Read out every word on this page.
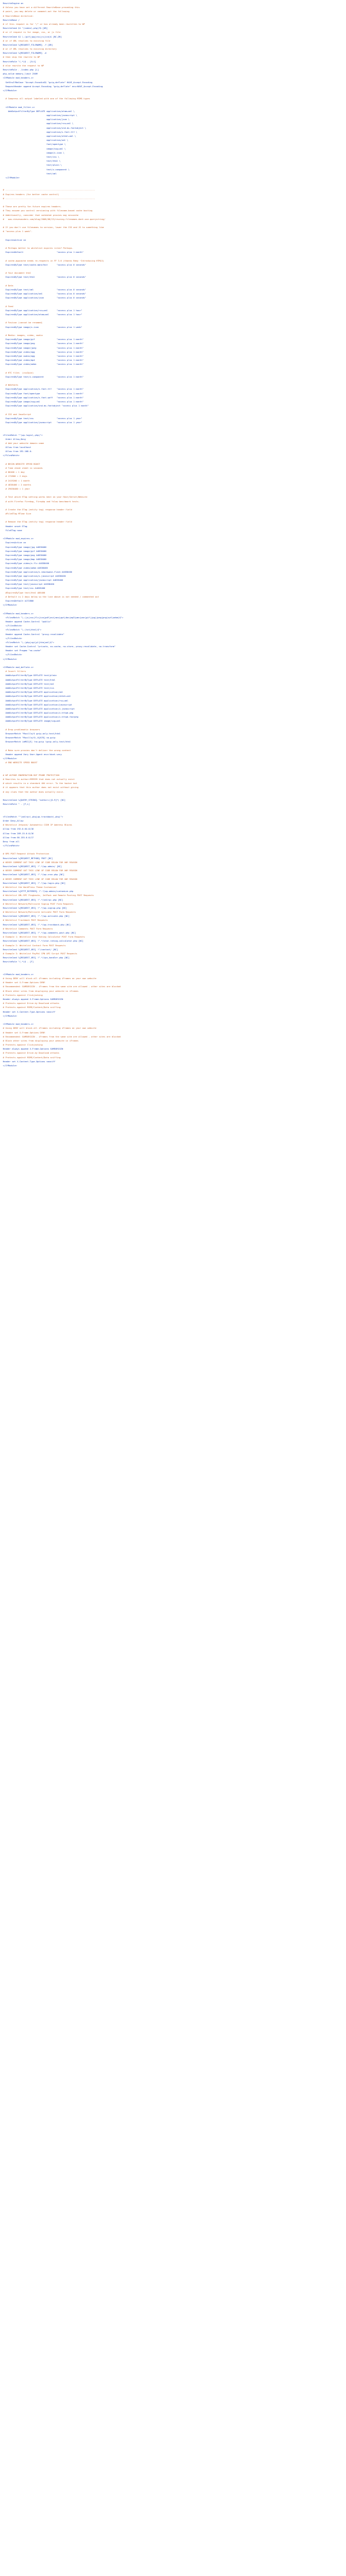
RewriteEngine on
# Unless you have set a different RewriteBase preceding this
# point, you may delete or comment-out the following
# RewriteBase directive:
RewriteBase /
# if this request is for "/" or has already been rewritten to WP
RewriteCond $1 ^(index\.php)?$ [OR]
# or if request is for image, css, or js file
RewriteCond $1 \.(gif|jpg|css|js|ico)$ [NC,OR]
# or if URL resolves to existing file
RewriteCond %{REQUEST_FILENAME} -f [OR]
# or if URL resolves to existing directory
RewriteCond %{REQUEST_FILENAME} -d
# then skip the rewrite to WP
RewriteRule ^(.*)$ - [S=1]
# else rewrite the request to WP
RewriteRule . /index.php [L]
php_value memory_limit 256M
<IfModule mod_headers.c>
SetEnvIfNoCase ^Accept-EncodinG$ "gzip,deflate" HAVE_Accept-Encoding
RequestHeader append Accept-Encoding "gzip,deflate" env=HAVE_Accept-Encoding
</IfModule>
# Compress all output labeled with one of the following MIME-types
<IfModule mod_filter.c>
AddOutputFilterByType DEFLATE application/atom+xml \
application/javascript \
application/json \
application/rss+xml \
application/vnd.ms-fontobject \
application/x-font-ttf \
application/xhtml+xml \
application/xml \
font/opentype \
image/svg+xml \
image/x-icon \
text/css \
text/html \
text/plain \
text/x-component \
text/xml
</IfModule>
# ----------------------------------------------------------------------
# Expires headers (for better cache control)
# ----------------------------------------------------------------------
# These are pretty far-future expires headers.
# They assume you control versioning with filename-based cache busting
# Additionally, consider that outdated proxies may miscache
#   www.stevesouders.com/blog/2008/08/23/revving-filenames-dont-use-querystring/
# If you don't use filenames to version, lower the CSS and JS to something like
# "access plus 1 week".
ExpiresActive on
# Perhaps better to whitelist expires rules? Perhaps.
ExpiresDefault                          "access plus 1 month"
# cache.appcache needs re-requests in FF 3.6 (thanks Remy ~Introducing HTML5)
ExpiresByType text/cache-manifest       "access plus 0 seconds"
# Your document html
ExpiresByType text/html                 "access plus 0 seconds"
# Data
ExpiresByType text/xml                  "access plus 0 seconds"
ExpiresByType application/xml           "access plus 0 seconds"
ExpiresByType application/json          "access plus 0 seconds"
# Feed
ExpiresByType application/rss+xml       "access plus 1 hour"
ExpiresByType application/atom+xml      "access plus 1 hour"
# Favicon (cannot be renamed)
ExpiresByType image/x-icon              "access plus 1 week"
# Media: images, video, audio
ExpiresByType image/gif                 "access plus 1 month"
ExpiresByType image/png                 "access plus 1 month"
ExpiresByType image/jpeg                "access plus 1 month"
ExpiresByType video/ogg                 "access plus 1 month"
ExpiresByType audio/ogg                 "access plus 1 month"
ExpiresByType video/mp4                 "access plus 1 month"
ExpiresByType video/webm                "access plus 1 month"
# HTC files  (css3pie)
ExpiresByType text/x-component          "access plus 1 month"
# Webfonts
ExpiresByType application/x-font-ttf    "access plus 1 month"
ExpiresByType font/opentype             "access plus 1 month"
ExpiresByType application/x-font-woff   "access plus 1 month"
ExpiresByType image/svg+xml             "access plus 1 month"
ExpiresByType application/vnd.ms-fontobject "access plus 1 month"
# CSS and JavaScript
ExpiresByType text/css                  "access plus 1 year"
ExpiresByType application/javascript    "access plus 1 year"
<FilesMatch "^(wp-login\.php)">
Order Allow,Deny
# Add your website domain name
Allow from localhost
Allow from 192.168.0.
</FilesMatch>
# BEGIN WEBSITE SPEED BOOST
# Time cheat sheet in seconds
# 86400 = 1 day
# 172800 = 2 days
# 2419200 = 1 month
# 4838400 = 2 months
# 29030400 = 1 year
# Test which ETag setting works best on your Host/Server/Website
# with Firefox Firebug, Firephp and Yslow benchmark tests.
# Create the ETag (entity tag) response header field
#FileETag MTime Size
# Remove the ETag (entity tag) response header field
Header unset ETag
FileETag none
<IfModule mod_expires.c>
ExpiresActive on
ExpiresByType image/jpg A4838400
ExpiresByType image/gif A4838400
ExpiresByType image/png A4838400
ExpiresByType image/bmp A4838400
ExpiresByType video/x-flv A4838400
ExpiresByType video/webm A4838400
ExpiresByType application/x-shockwave-flash A4838400
ExpiresByType application/x-javascript A4838400
ExpiresByType application/javascript A4838400
ExpiresByType text/javascript A4838400
ExpiresByType text/css A4838400
#ExpiresByType text/html A86400
# Default is 2 days below so the line above is not needed / commented out
ExpiresDefault A172800
</IfModule>
<IfModule mod_headers.c>
<FilesMatch "\.(js|css|flv|ico|pdf|avi|mov|ppt|doc|mp3|wmv|wav|gif|jpg|jpeg|png|swf|webm)$">
Header append Cache-Control "public"
</FilesMatch>
<FilesMatch "\.(txt|html)$">
Header append Cache-Control "proxy-revalidate"
</FilesMatch>
<FilesMatch "\.(php|cgi|pl|htm|xml)$">
Header set Cache-Control "private, no-cache, no-store, proxy-revalidate, no-transform"
Header set Pragma "no-cache"
</FilesMatch>
</IfModule>
<IfModule mod_deflate.c>
# Insert filters
AddOutputFilterByType DEFLATE text/plain
AddOutputFilterByType DEFLATE text/html
AddOutputFilterByType DEFLATE text/xml
AddOutputFilterByType DEFLATE text/css
AddOutputFilterByType DEFLATE application/xml
AddOutputFilterByType DEFLATE application/xhtml+xml
AddOutputFilterByType DEFLATE application/rss+xml
AddOutputFilterByType DEFLATE application/javascript
AddOutputFilterByType DEFLATE application/x-javascript
AddOutputFilterByType DEFLATE application/x-httpd-php
AddOutputFilterByType DEFLATE application/x-httpd-fastphp
AddOutputFilterByType DEFLATE image/svg+xml
# Drop problematic browsers
BrowserMatch ^Mozilla/4 gzip-only-text/html
BrowserMatch ^Mozilla/4\.0[678] no-gzip
BrowserMatch \bMSI[E] !no-gzip !gzip-only-text/html
# Make sure proxies don't deliver the wrong content
Header append Vary User-Agent env=!dont-vary
</IfModule>
# END WEBSITE SPEED BOOST
# WP AUTHOR ENUMERATION BOT PROBE PROTECTION
# Rewrites to author=999999 that does not actually exist
# which results in a standard 404 error. To the hacker bot
# it appears that this author does not exist without giving
# any clues that the author does actually exist.
RewriteCond %{QUERY_STRING} ^author=([0-9]*) [NC]
RewriteRule ^ - [F,L]
<FilesMatch "^(xmlrpc\.php|wp-trackback\.php)">
Order Deny,Allow
# Whitelist Jetpack/ Automattic CIDR IP Address Blocks
Allow from 192.0.64.0/18
Allow from 209.15.0.0/16
Allow from 66.155.0.0/17
Deny from all
</FilesMatch>
# BPS POST Request Attack Protection
RewriteCond %{REQUEST_METHOD} POST [NC]
# NEVER COMMENT OUT THIS LINE OF CODE BELOW FOR ANY REASON
RewriteCond %{REQUEST_URI} !^.*/wp-admin/ [NC]
# NEVER COMMENT OUT THIS LINE OF CODE BELOW FOR ANY REASON
RewriteCond %{REQUEST_URI} !^.*/wp-cron.php [NC]
# NEVER COMMENT OUT THIS LINE OF CODE BELOW FOR ANY REASON
RewriteCond %{REQUEST_URI} !^.*/wp-login.php [NC]
# Whitelist the WordPress Theme Customizer
RewriteCond %{HTTP_REFERER} !^.*/wp-admin/customize.php
# Whitelist XML-RPC Pingbacks, JetPack and Remote Posting POST Requests
RewriteCond %{REQUEST_URI} !^.*/xmlrpc.php [NC]
# Whitelist Network/Multisite Signup POST Form Requests
RewriteCond %{REQUEST_URI} !^.*/wp-signup.php [NC]
# Whitelist Network/Multisite Activate POST Form Requests
RewriteCond %{REQUEST_URI} !^.*/wp-activate.php [NC]
# Whitelist Trackback POST Requests
RewriteCond %{REQUEST_URI} !^.*/wp-trackback.php [NC]
# Whitelist Comments POST Form Requests
RewriteCond %{REQUEST_URI} !^.*/wp-comments-post.php [NC]
# Example 1: Whitelist Star Rating Calculator POST Form Requests
RewriteCond %{REQUEST_URI} !^.*/star-rating-calculator.php [NC]
# Example 2: Whitelist Contact Form POST Requests
RewriteCond %{REQUEST_URI} !^/contact/ [NC]
# Example 3: Whitelist PayPal IPN API Script POST Requests
RewriteCond %{REQUEST_URI} !^.*/ipn_handler.php [NC]
RewriteRule ^(.*)$ - [F]
<IfModule mod_headers.c>
# Using DENY will block all iFrames including iFrames on your own website
# Header set X-Frame-Options DENY
# Recommended: SAMEORIGIN - iFrames from the same site are allowed - other sites are blocked
# Block other sites from displaying your website in iFrames
# Protects against Clickjacking
Header always append X-Frame-Options SAMEORIGIN
# Protects against Drive-by Download attacks
# Protects against MIME/Content/Data sniffing
Header set X-Content-Type-Options nosniff
</IfModule>
<IfModule mod_headers.c>
# Using DENY will block all iFrames including iFrames on your own website
# Header set X-Frame-Options DENY
# Recommended: SAMEORIGIN - iFrames from the same site are allowed - other sites are blocked
# Block other sites from displaying your website in iFrames
# Protects against Clickjacking
Header always append X-Frame-Options SAMEORIGIN
# Protects against Drive-by Download attacks
# Protects against MIME/Content/Data sniffing
Header set X-Content-Type-Options nosniff
</IfModule>
